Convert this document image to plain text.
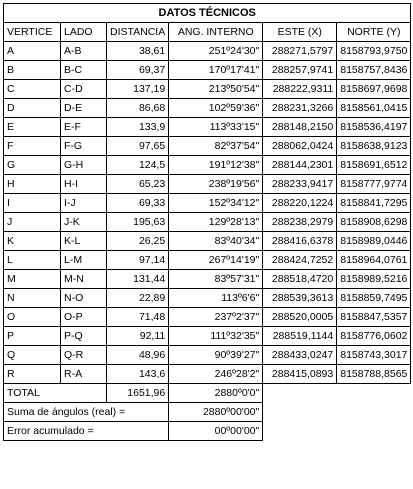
DATOS TÉCNICOS					
VERTICE	LADO	DISTANCIA	ANG. INTERNO	ESTE (X)	NORTE (Y)
A	A-B	38,61	251º24'30"	288271,5797	8158793,9750
B	B-C	69,37	170º17'41"	288257,9741	8158757,8436
C	C-D	137,19	213º50'54"	288222,9311	8158697,9698
D	D-E	86,68	102º59'36"	288231,3266	8158561,0415
E	E-F	133,9	113º33'15"	288148,2150	8158536,4197
F	F-G	97,65	82º37'54"	288062,0424	8158638,9123
G	G-H	124,5	191º12'38"	288144,2301	8158691,6512
H	H-I	65,23	238º19'56"	288233,9417	8158777,9774
I	I-J	69,33	152º34'12"	288220,1224	8158841,7295
J	J-K	195,63	129º28'13"	288238,2979	8158908,6298
K	K-L	26,25	83º40'34"	288416,6378	8158989,0446
L	L-M	97,14	267º14'19"	288424,7252	8158964,0761
M	M-N	131,44	83º57'31"	288518,4720	8158989,5216
N	N-O	22,89	113º6'6"	288539,3613	8158859,7495
O	O-P	71,48	237º2'37"	288520,0005	8158847,5357
P	P-Q	92,11	111º32'35"	288519,1144	8158776,0602
Q	Q-R	48,96	90º39'27"	288433,0247	8158743,3017
R	R-A	143,6	246º28'2"	288415,0893	8158788,8565
TOTAL		1651,96	2880º0'0"		
Suma de ángulos (real) =			2880º00'00"		
Error acumulado =			00º00'00"		
